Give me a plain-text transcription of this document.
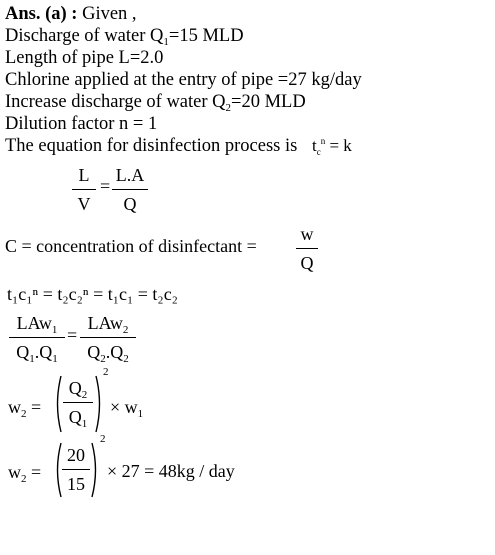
Ans. (a) : Given ,
Discharge of water $Q_1=15$ MLD
Length of pipe L=2.0
Chlorine applied at the entry of pipe =27 kg/day
Increase discharge of water $Q_2=20$ MLD
Dilution factor n = 1
The equation for disinfection process is $t_c^n = k$
L
V
=
L.A
Q
C = concentration of disinfectant =
w
Q
t₁c₁ⁿ = t₂c₂ⁿ = t₁c₁ = t₂c₂
LAw$_1$
$Q_1.Q_1$
=
LAw$_2$
$Q_2.Q_2$
$w_2$ =
$Q_2$
$Q_1$
2
× $w_1$
$w_2$ =
20
15
2
× 27 = 48kg / day
